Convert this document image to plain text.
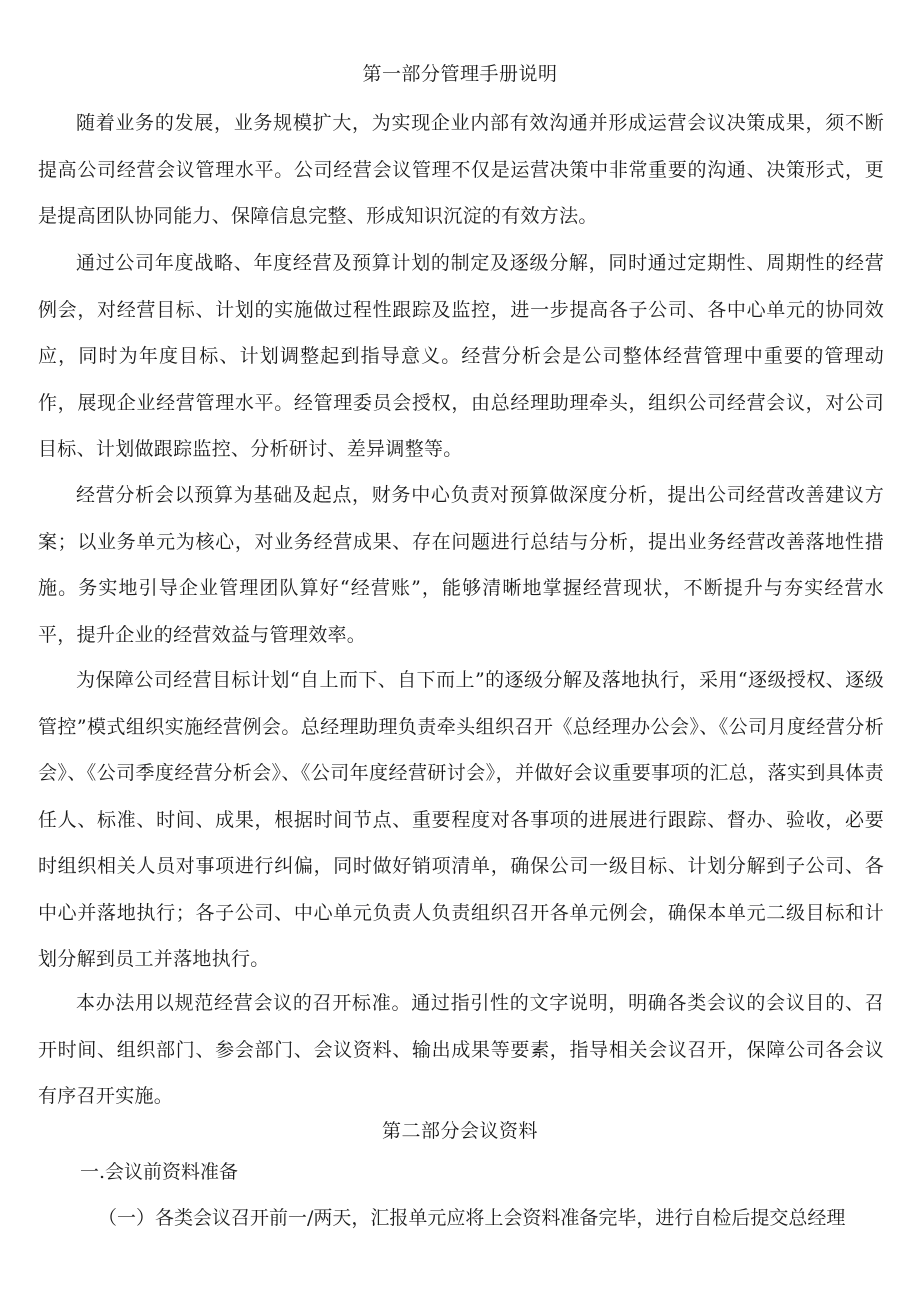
第一部分管理手册说明

随着业务的发展，业务规模扩大，为实现企业内部有效沟通并形成运营会议决策成果，须不断提高公司经营会议管理水平。公司经营会议管理不仅是运营决策中非常重要的沟通、决策形式，更是提高团队协同能力、保障信息完整、形成知识沉淀的有效方法。

通过公司年度战略、年度经营及预算计划的制定及逐级分解，同时通过定期性、周期性的经营例会，对经营目标、计划的实施做过程性跟踪及监控，进一步提高各子公司、各中心单元的协同效应，同时为年度目标、计划调整起到指导意义。经营分析会是公司整体经营管理中重要的管理动作，展现企业经营管理水平。经管理委员会授权，由总经理助理牵头，组织公司经营会议，对公司目标、计划做跟踪监控、分析研讨、差异调整等。

经营分析会以预算为基础及起点，财务中心负责对预算做深度分析，提出公司经营改善建议方案；以业务单元为核心，对业务经营成果、存在问题进行总结与分析，提出业务经营改善落地性措施。务实地引导企业管理团队算好“经营账”，能够清晰地掌握经营现状，不断提升与夯实经营水平，提升企业的经营效益与管理效率。

为保障公司经营目标计划“自上而下、自下而上”的逐级分解及落地执行，采用“逐级授权、逐级管控”模式组织实施经营例会。总经理助理负责牵头组织召开《总经理办公会》、《公司月度经营分析会》、《公司季度经营分析会》、《公司年度经营研讨会》，并做好会议重要事项的汇总，落实到具体责任人、标准、时间、成果，根据时间节点、重要程度对各事项的进展进行跟踪、督办、验收，必要时组织相关人员对事项进行纠偏，同时做好销项清单，确保公司一级目标、计划分解到子公司、各中心并落地执行；各子公司、中心单元负责人负责组织召开各单元例会，确保本单元二级目标和计划分解到员工并落地执行。

本办法用以规范经营会议的召开标准。通过指引性的文字说明，明确各类会议的会议目的、召开时间、组织部门、参会部门、会议资料、输出成果等要素，指导相关会议召开，保障公司各会议有序召开实施。

第二部分会议资料
一.会议前资料准备

（一）各类会议召开前一/两天，汇报单元应将上会资料准备完毕，进行自检后提交总经理
